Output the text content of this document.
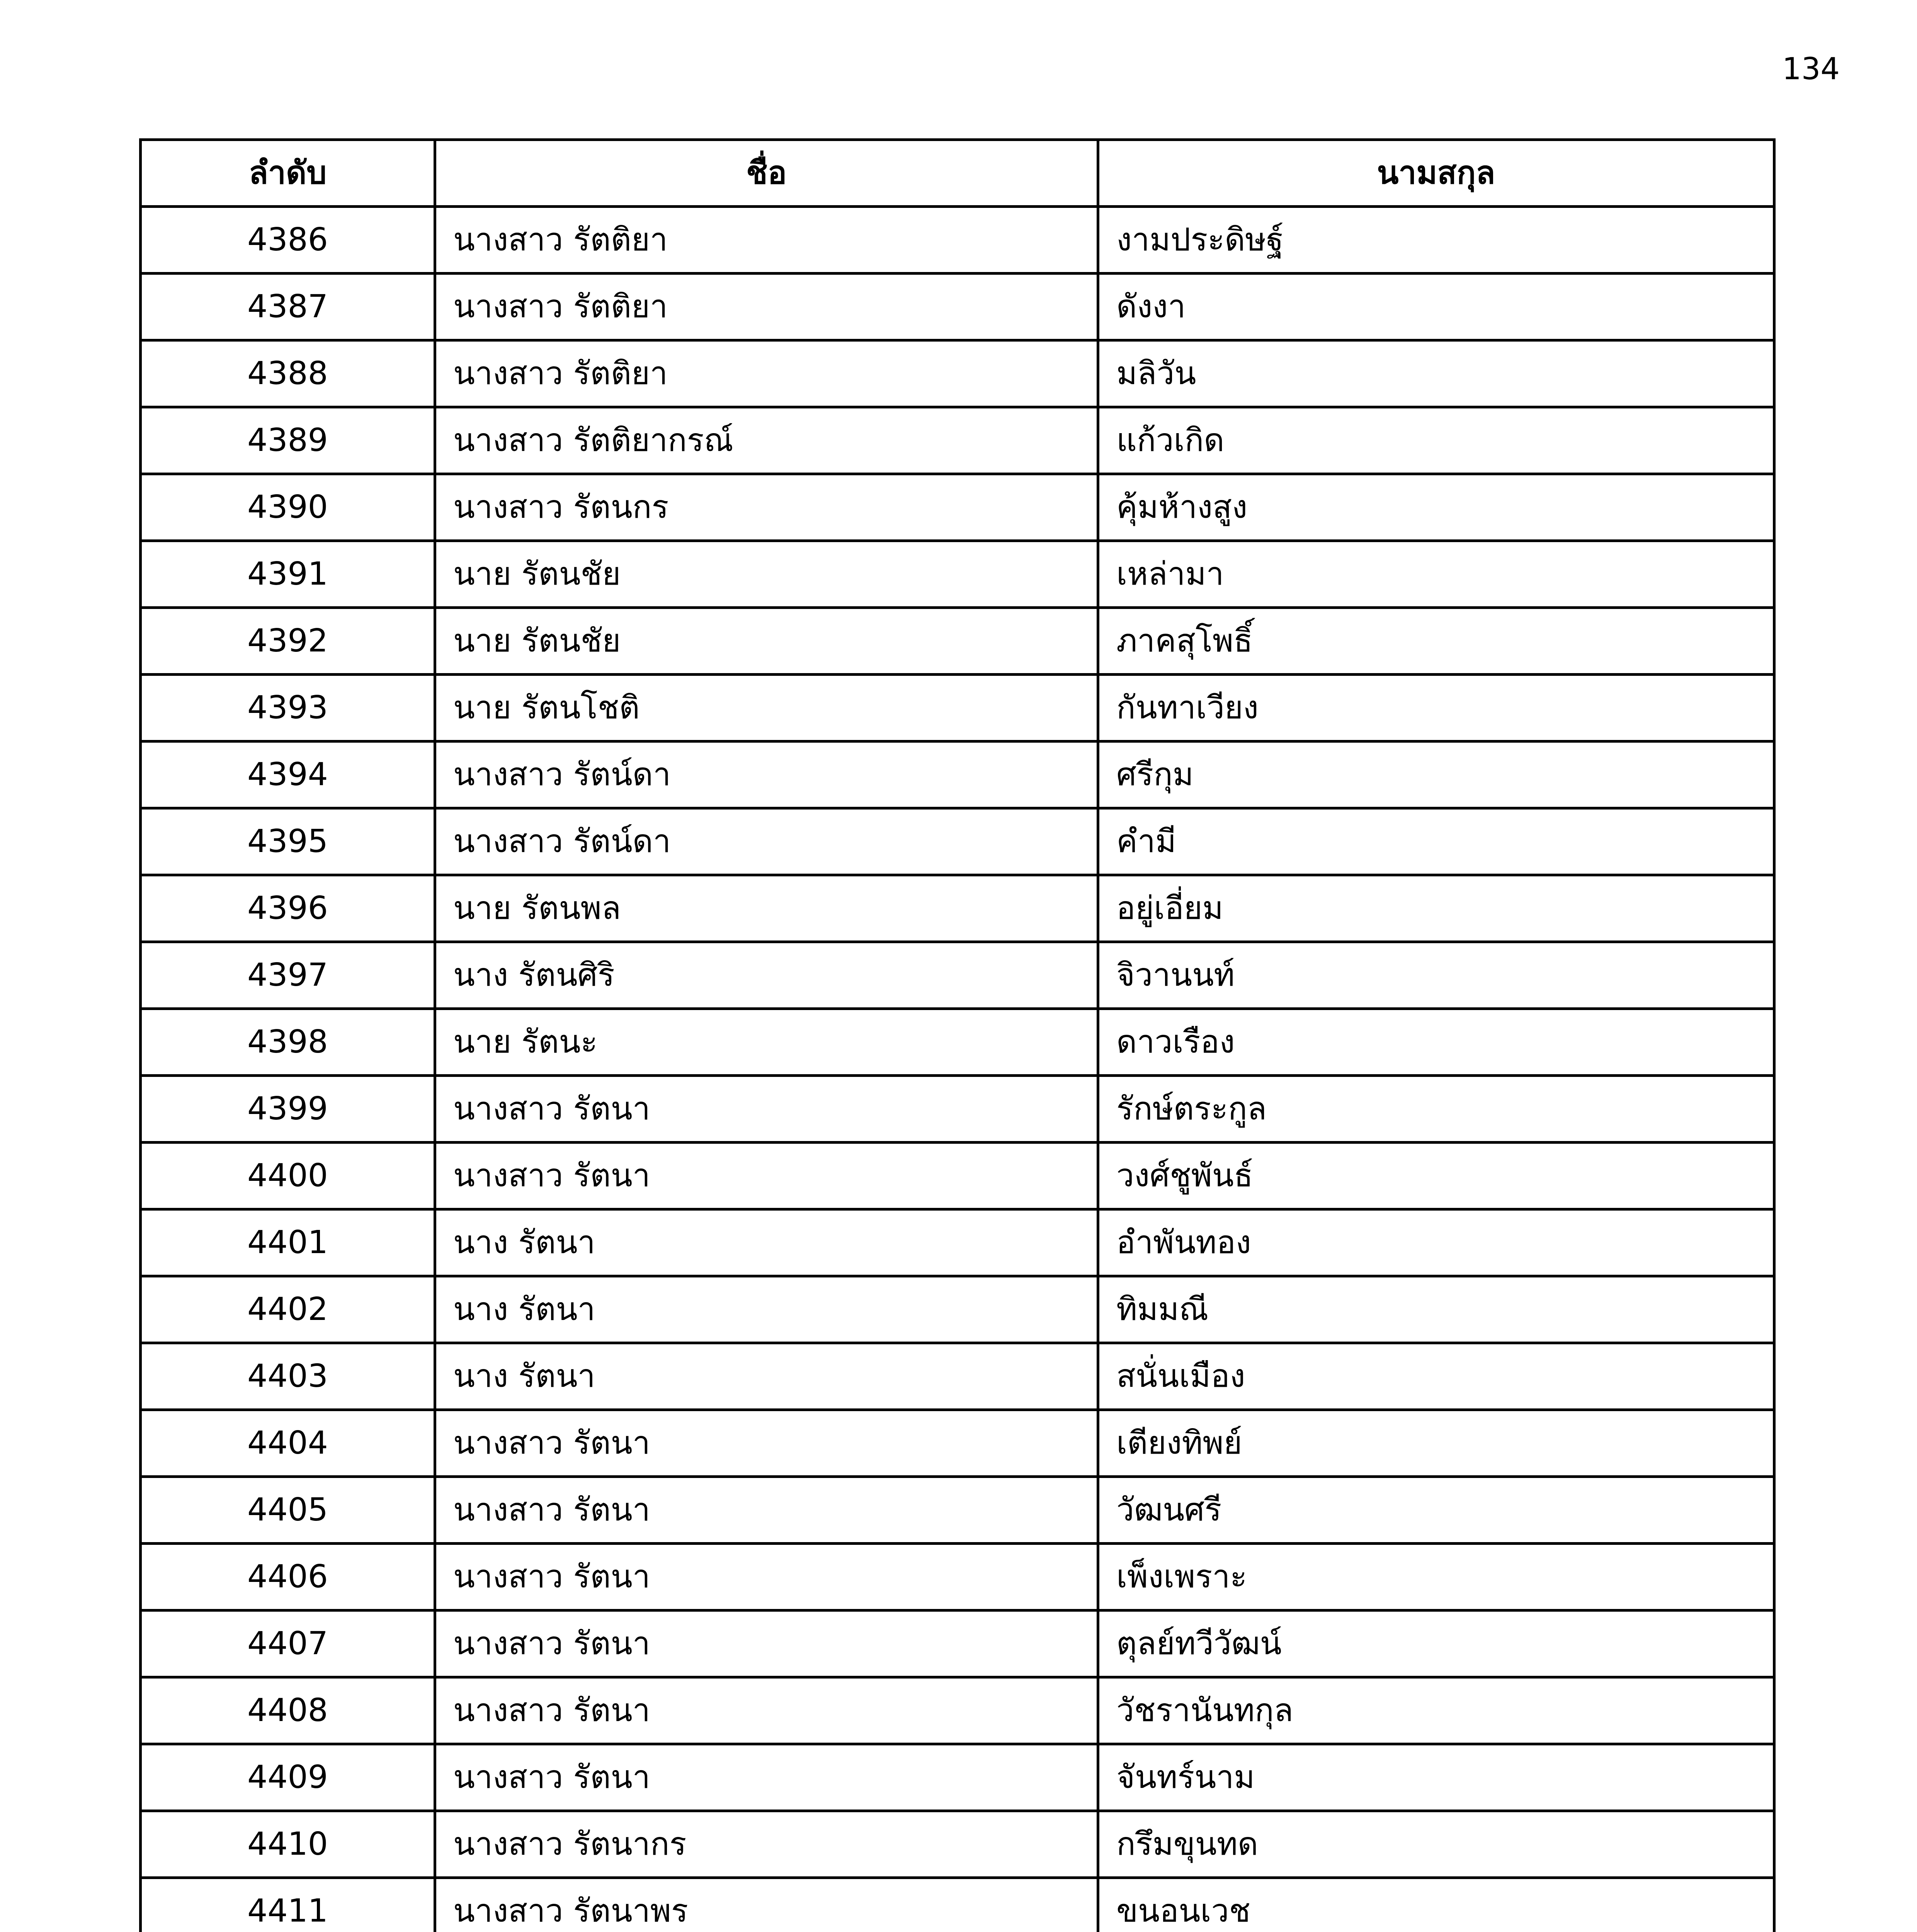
134
ลำดับ	ชื่อ	นามสกุล
4386	นางสาว รัตติยา	งามประดิษฐ์
4387	นางสาว รัตติยา	ดังงา
4388	นางสาว รัตติยา	มลิวัน
4389	นางสาว รัตติยากรณ์	แก้วเกิด
4390	นางสาว รัตนกร	คุ้มห้างสูง
4391	นาย รัตนชัย	เหล่ามา
4392	นาย รัตนชัย	ภาคสุโพธิ์
4393	นาย รัตนโชติ	กันทาเวียง
4394	นางสาว รัตน์ดา	ศรีกุม
4395	นางสาว รัตน์ดา	คำมี
4396	นาย รัตนพล	อยู่เอี่ยม
4397	นาง รัตนศิริ	จิวานนท์
4398	นาย รัตนะ	ดาวเรือง
4399	นางสาว รัตนา	รักษ์ตระกูล
4400	นางสาว รัตนา	วงศ์ชูพันธ์
4401	นาง รัตนา	อำพันทอง
4402	นาง รัตนา	ทิมมณี
4403	นาง รัตนา	สนั่นเมือง
4404	นางสาว รัตนา	เตียงทิพย์
4405	นางสาว รัตนา	วัฒนศรี
4406	นางสาว รัตนา	เพ็งเพราะ
4407	นางสาว รัตนา	ตุลย์ทวีวัฒน์
4408	นางสาว รัตนา	วัชรานันทกุล
4409	นางสาว รัตนา	จันทร์นาม
4410	นางสาว รัตนากร	กรึมขุนทด
4411	นางสาว รัตนาพร	ขนอนเวช
